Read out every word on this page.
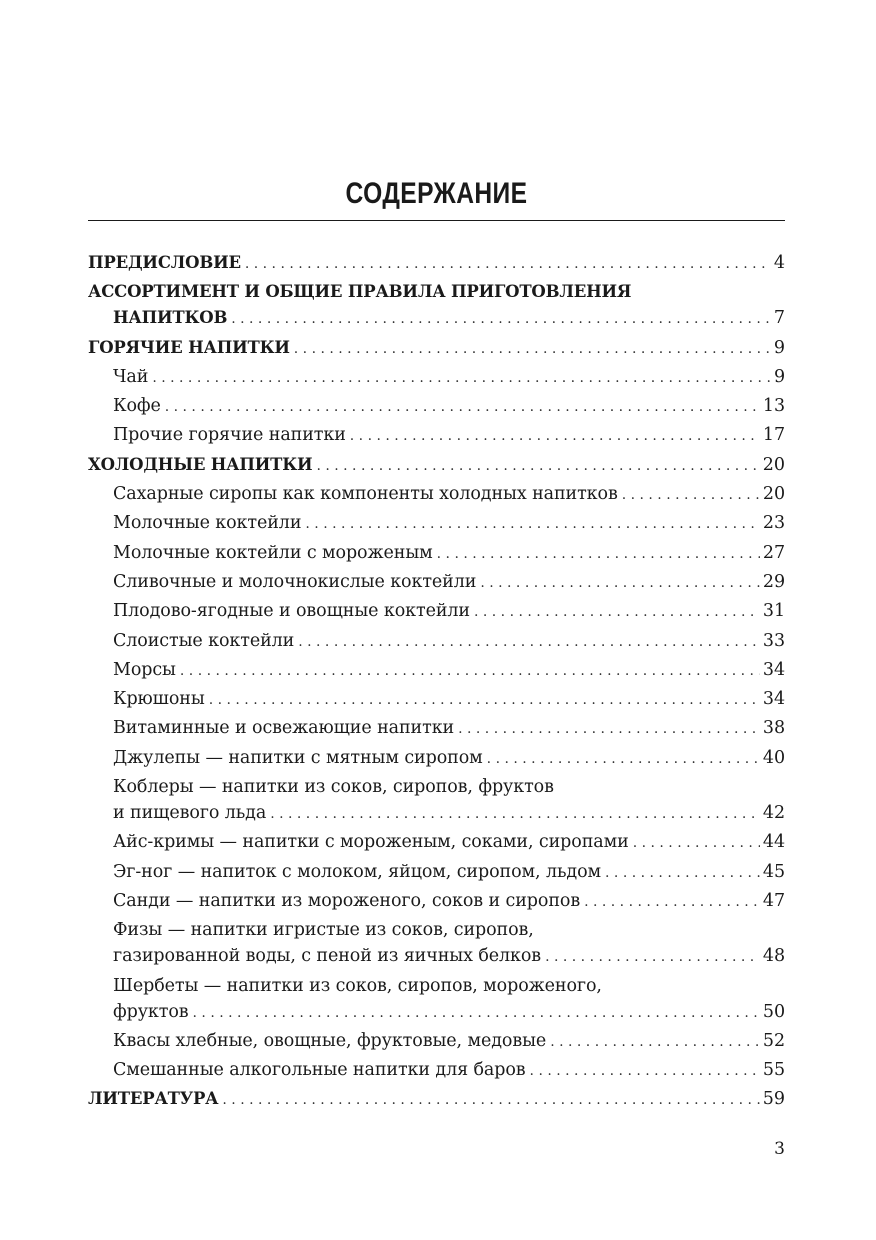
СОДЕРЖАНИЕ
ПРЕДИСЛОВИЕ . . .	4
АССОРТИМЕНТ И ОБЩИЕ ПРАВИЛА ПРИГОТОВЛЕНИЯ
НАПИТКОВ . . .	7
ГОРЯЧИЕ НАПИТКИ . . .	9
Чай . . .	9
Кофе . . .	13
Прочие горячие напитки . . .	17
ХОЛОДНЫЕ НАПИТКИ . . .	20
Сахарные сиропы как компоненты холодных напитков . . .	20
Молочные коктейли . . .	23
Молочные коктейли с мороженым . . .	27
Сливочные и молочнокислые коктейли . . .	29
Плодово-ягодные и овощные коктейли . . .	31
Слоистые коктейли . . .	33
Морсы . . .	34
Крюшоны . . .	34
Витаминные и освежающие напитки . . .	38
Джулепы — напитки с мятным сиропом . . .	40
Коблеры — напитки из соков, сиропов, фруктов
и пищевого льда . . .	42
Айс-кримы — напитки с мороженым, соками, сиропами . . .	44
Эг-ног — напиток с молоком, яйцом, сиропом, льдом . . .	45
Санди — напитки из мороженого, соков и сиропов . . .	47
Физы — напитки игристые из соков, сиропов,
газированной воды, с пеной из яичных белков . . .	48
Шербеты — напитки из соков, сиропов, мороженого,
фруктов . . .	50
Квасы хлебные, овощные, фруктовые, медовые . . .	52
Смешанные алкогольные напитки для баров . . .	55
ЛИТЕРАТУРА . . .	59
3
